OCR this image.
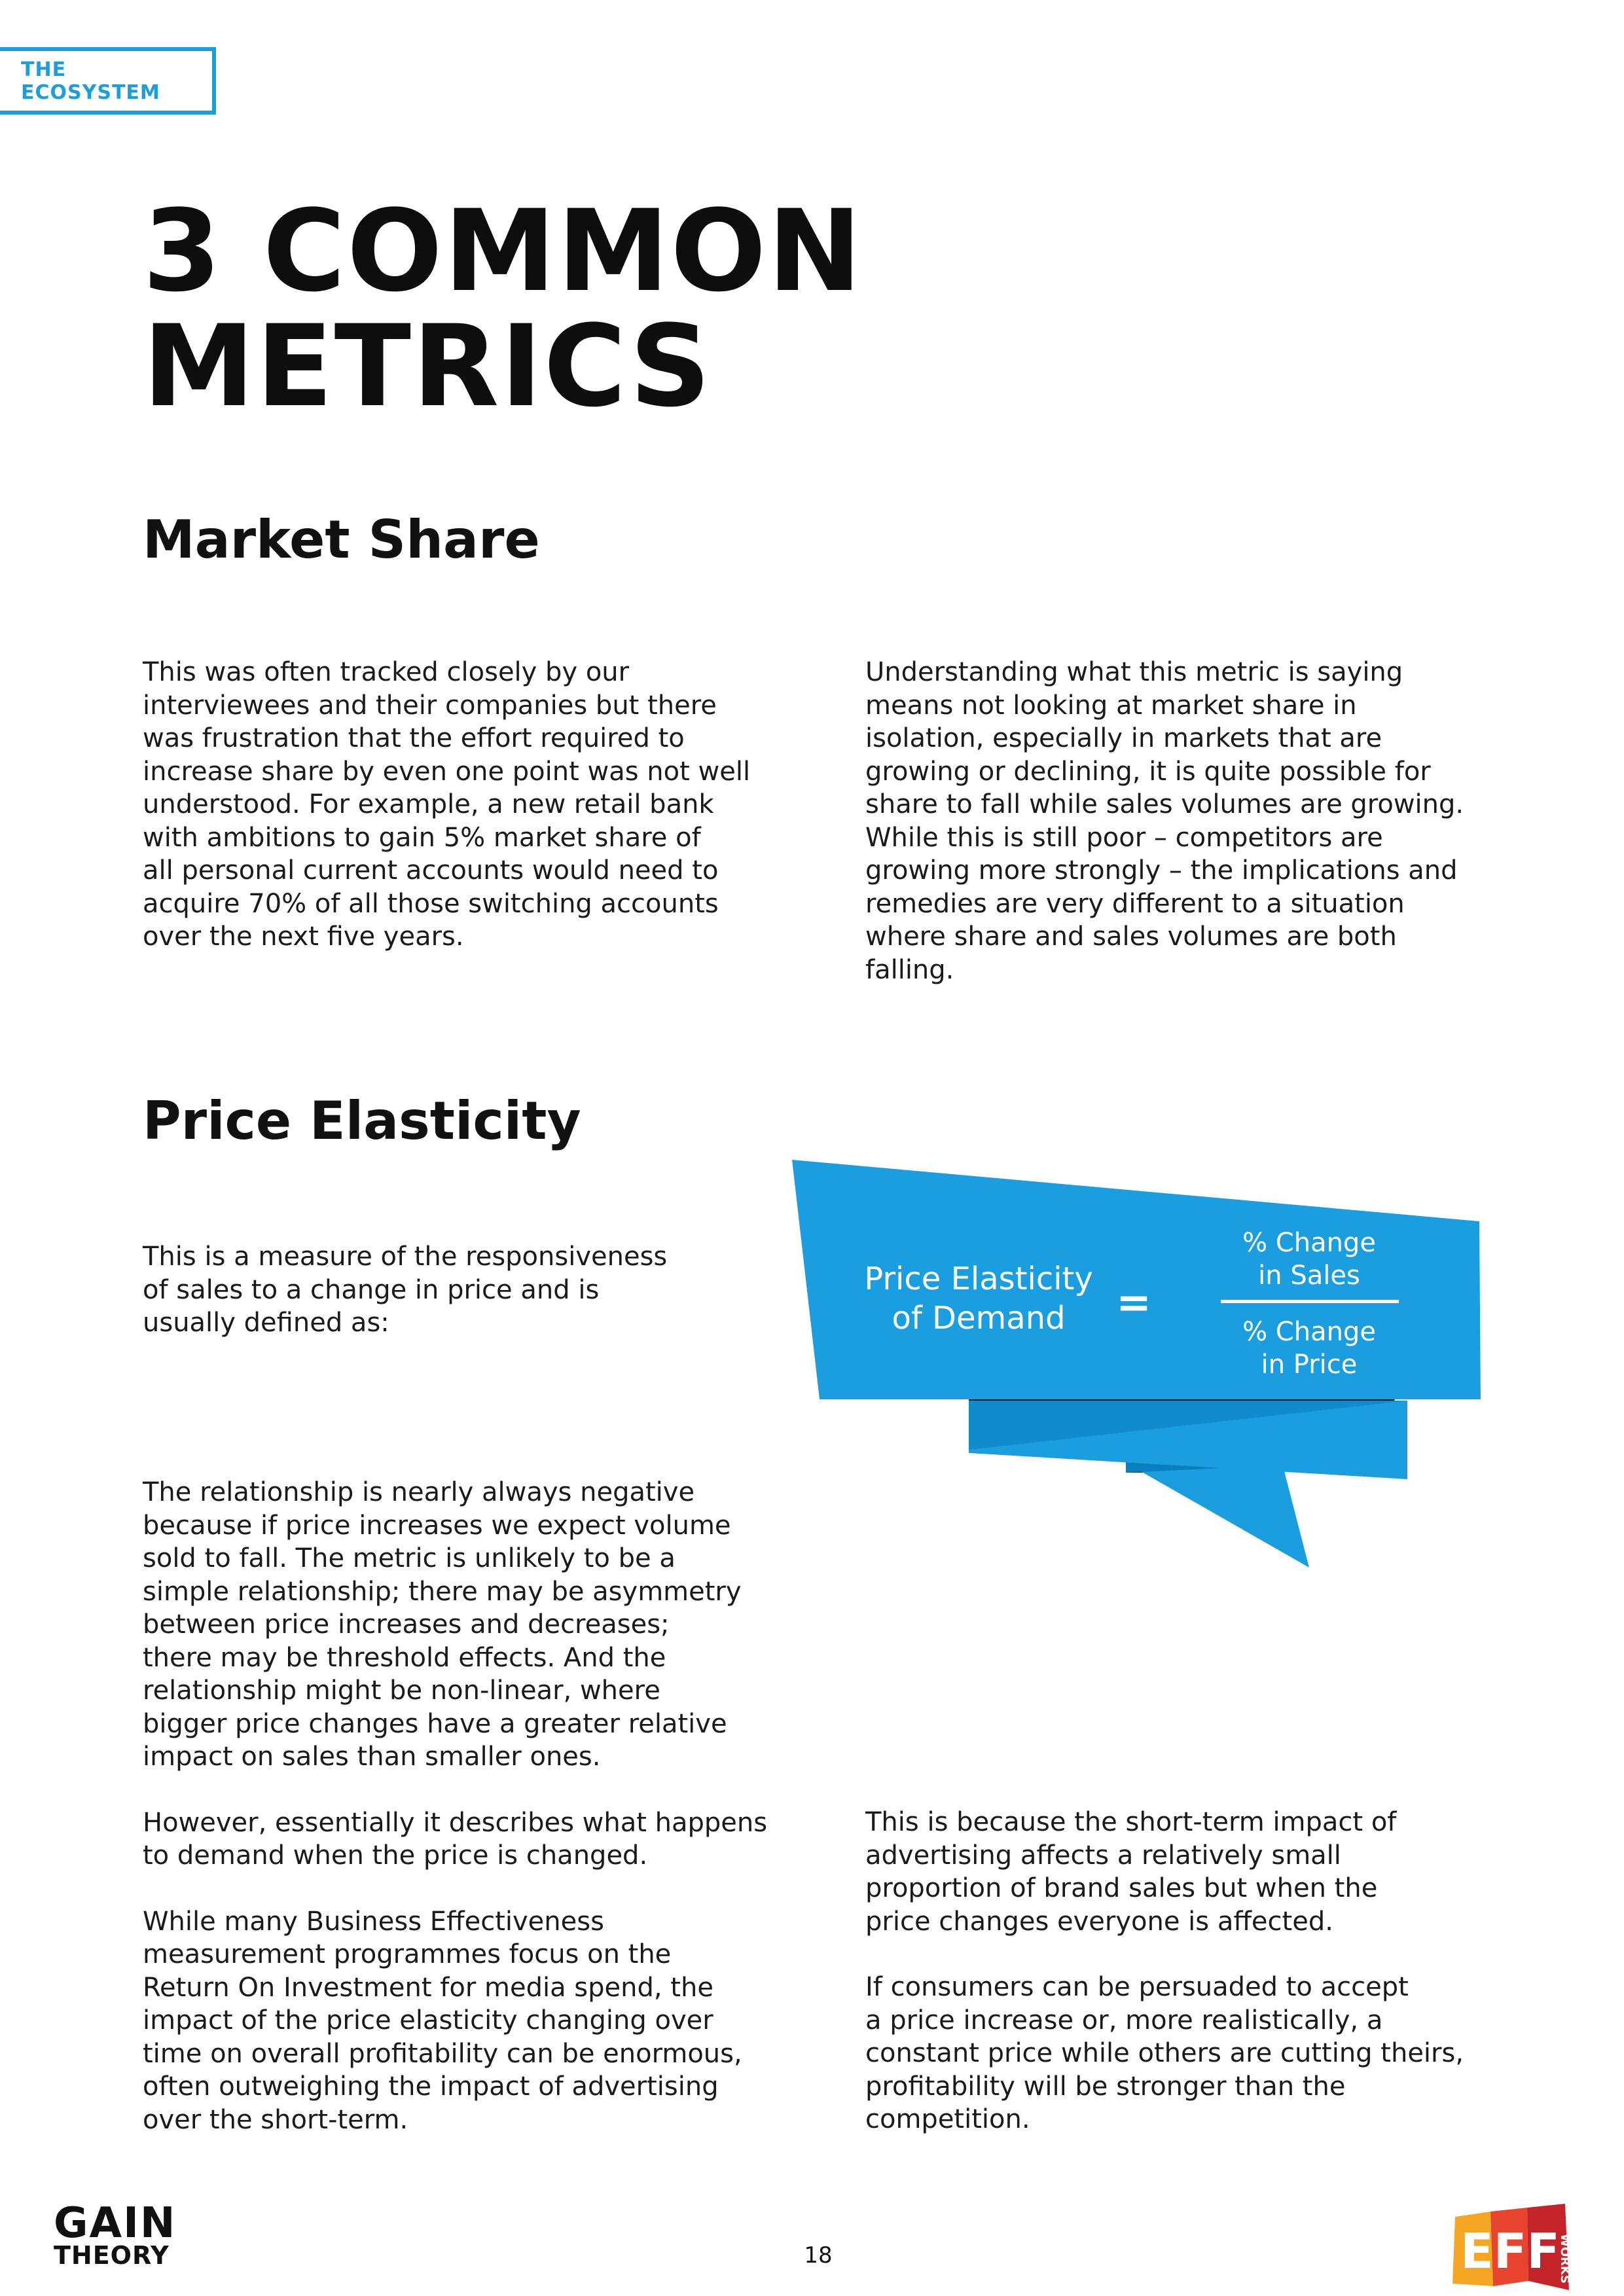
THE ECOSYSTEM
3 COMMON
METRICS
Market Share
This was often tracked closely by our
interviewees and their companies but there
was frustration that the effort required to
increase share by even one point was not well
understood. For example, a new retail bank
with ambitions to gain 5% market share of
all personal current accounts would need to
acquire 70% of all those switching accounts
over the next five years.
Understanding what this metric is saying
means not looking at market share in
isolation, especially in markets that are
growing or declining, it is quite possible for
share to fall while sales volumes are growing.
While this is still poor – competitors are
growing more strongly – the implications and
remedies are very different to a situation
where share and sales volumes are both
falling.
Price Elasticity
This is a measure of the responsiveness
of sales to a change in price and is
usually defined as:
Price Elasticity
of Demand =
% Change
in Sales
% Change
in Price
The relationship is nearly always negative
because if price increases we expect volume
sold to fall. The metric is unlikely to be a
simple relationship; there may be asymmetry
between price increases and decreases;
there may be threshold effects. And the
relationship might be non-linear, where
bigger price changes have a greater relative
impact on sales than smaller ones.
However, essentially it describes what happens
to demand when the price is changed.
While many Business Effectiveness
measurement programmes focus on the
Return On Investment for media spend, the
impact of the price elasticity changing over
time on overall profitability can be enormous,
often outweighing the impact of advertising
over the short-term.
This is because the short-term impact of
advertising affects a relatively small
proportion of brand sales but when the
price changes everyone is affected.
If consumers can be persuaded to accept
a price increase or, more realistically, a
constant price while others are cutting theirs,
profitability will be stronger than the
competition.
GAIN
THEORY	18	EFF
WORKS
